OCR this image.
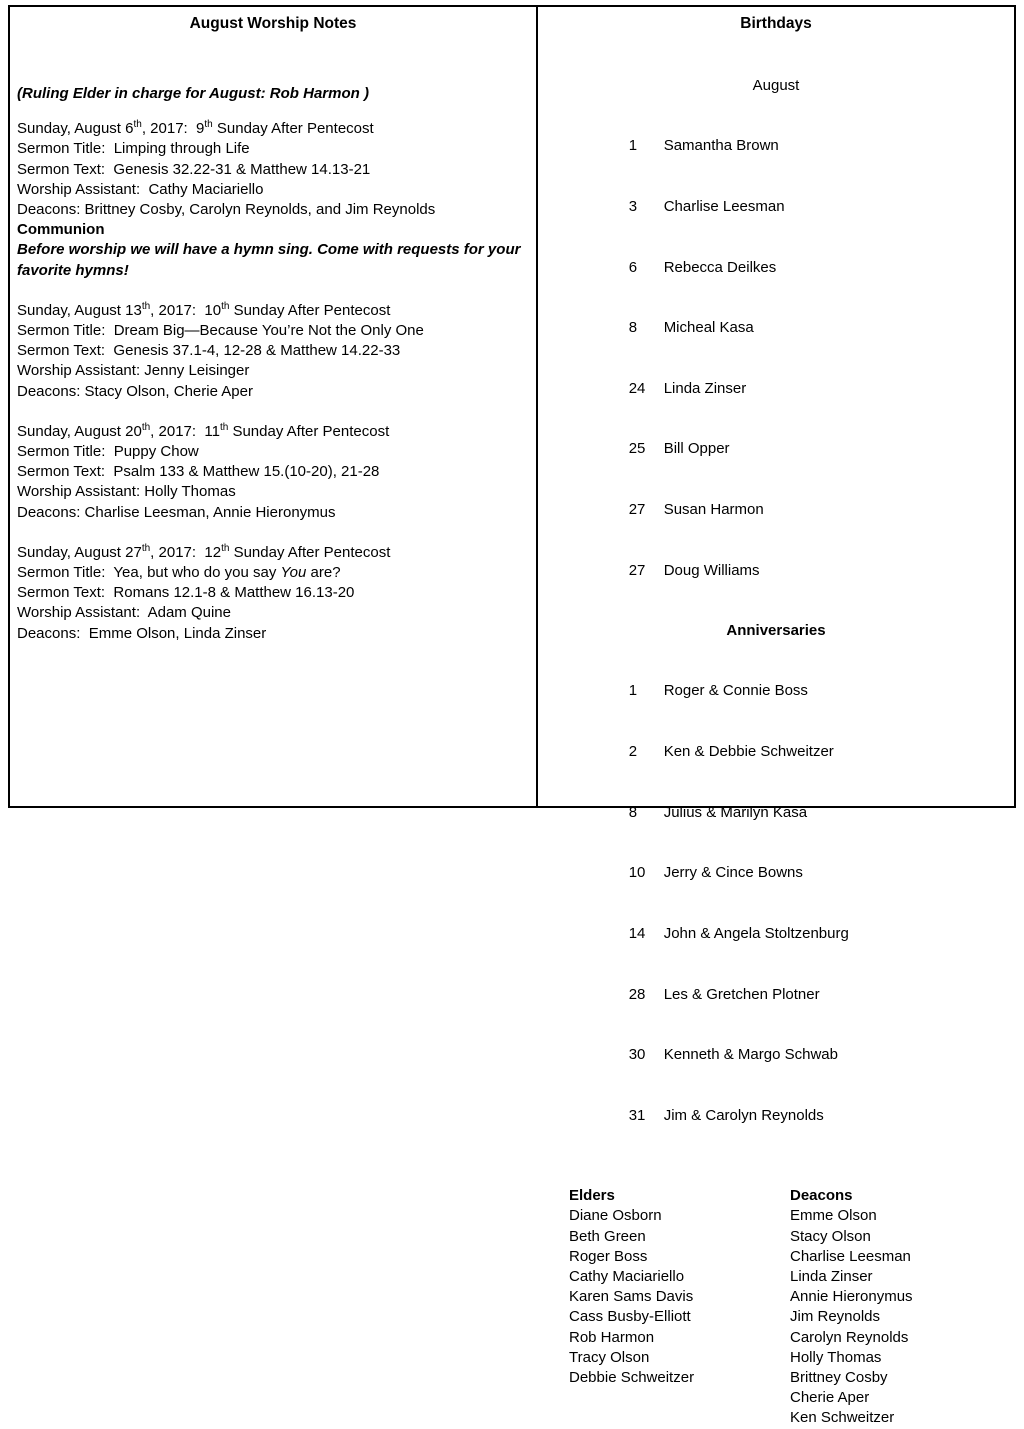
August Worship Notes

(Ruling Elder in charge for August: Rob Harmon )

Sunday, August 6th, 2017:  9th Sunday After Pentecost

Sermon Title:  Limping through Life

Sermon Text:  Genesis 32.22-31 & Matthew 14.13-21

Worship Assistant:  Cathy Maciariello

Deacons: Brittney Cosby, Carolyn Reynolds, and Jim Reynolds

Communion

Before worship we will have a hymn sing. Come with requests for your favorite hymns!

Sunday, August 13th, 2017:  10th Sunday After Pentecost

Sermon Title:  Dream Big—Because You’re Not the Only One

Sermon Text:  Genesis 37.1-4, 12-28 & Matthew 14.22-33

Worship Assistant: Jenny Leisinger

Deacons: Stacy Olson, Cherie Aper

Sunday, August 20th, 2017:  11th Sunday After Pentecost

Sermon Title:  Puppy Chow

Sermon Text:  Psalm 133 & Matthew 15.(10-20), 21-28

Worship Assistant: Holly Thomas

Deacons: Charlise Leesman, Annie Hieronymus

Sunday, August 27th, 2017:  12th Sunday After Pentecost

Sermon Title:  Yea, but who do you say You are?

Sermon Text:  Romans 12.1-8 & Matthew 16.13-20

Worship Assistant:  Adam Quine

Deacons:  Emme Olson, Linda Zinser

Birthdays

August

1 Samantha Brown

3 Charlise Leesman

6 Rebecca Deilkes

8 Micheal Kasa

24 Linda Zinser

25 Bill Opper

27 Susan Harmon

27 Doug Williams

Anniversaries

1 Roger & Connie Boss

2 Ken & Debbie Schweitzer

8 Julius & Marilyn Kasa

10 Jerry & Cince Bowns

14 John & Angela Stoltzenburg

28 Les & Gretchen Plotner

30 Kenneth & Margo Schwab

31 Jim & Carolyn Reynolds

Elders

Diane Osborn

Beth Green

Roger Boss

Cathy Maciariello

Karen Sams Davis

Cass Busby-Elliott

Rob Harmon

Tracy Olson

Debbie Schweitzer

Deacons

Emme Olson

Stacy Olson

Charlise Leesman

Linda Zinser

Annie Hieronymus

Jim Reynolds

Carolyn Reynolds

Holly Thomas

Brittney Cosby

Cherie Aper

Ken Schweitzer
